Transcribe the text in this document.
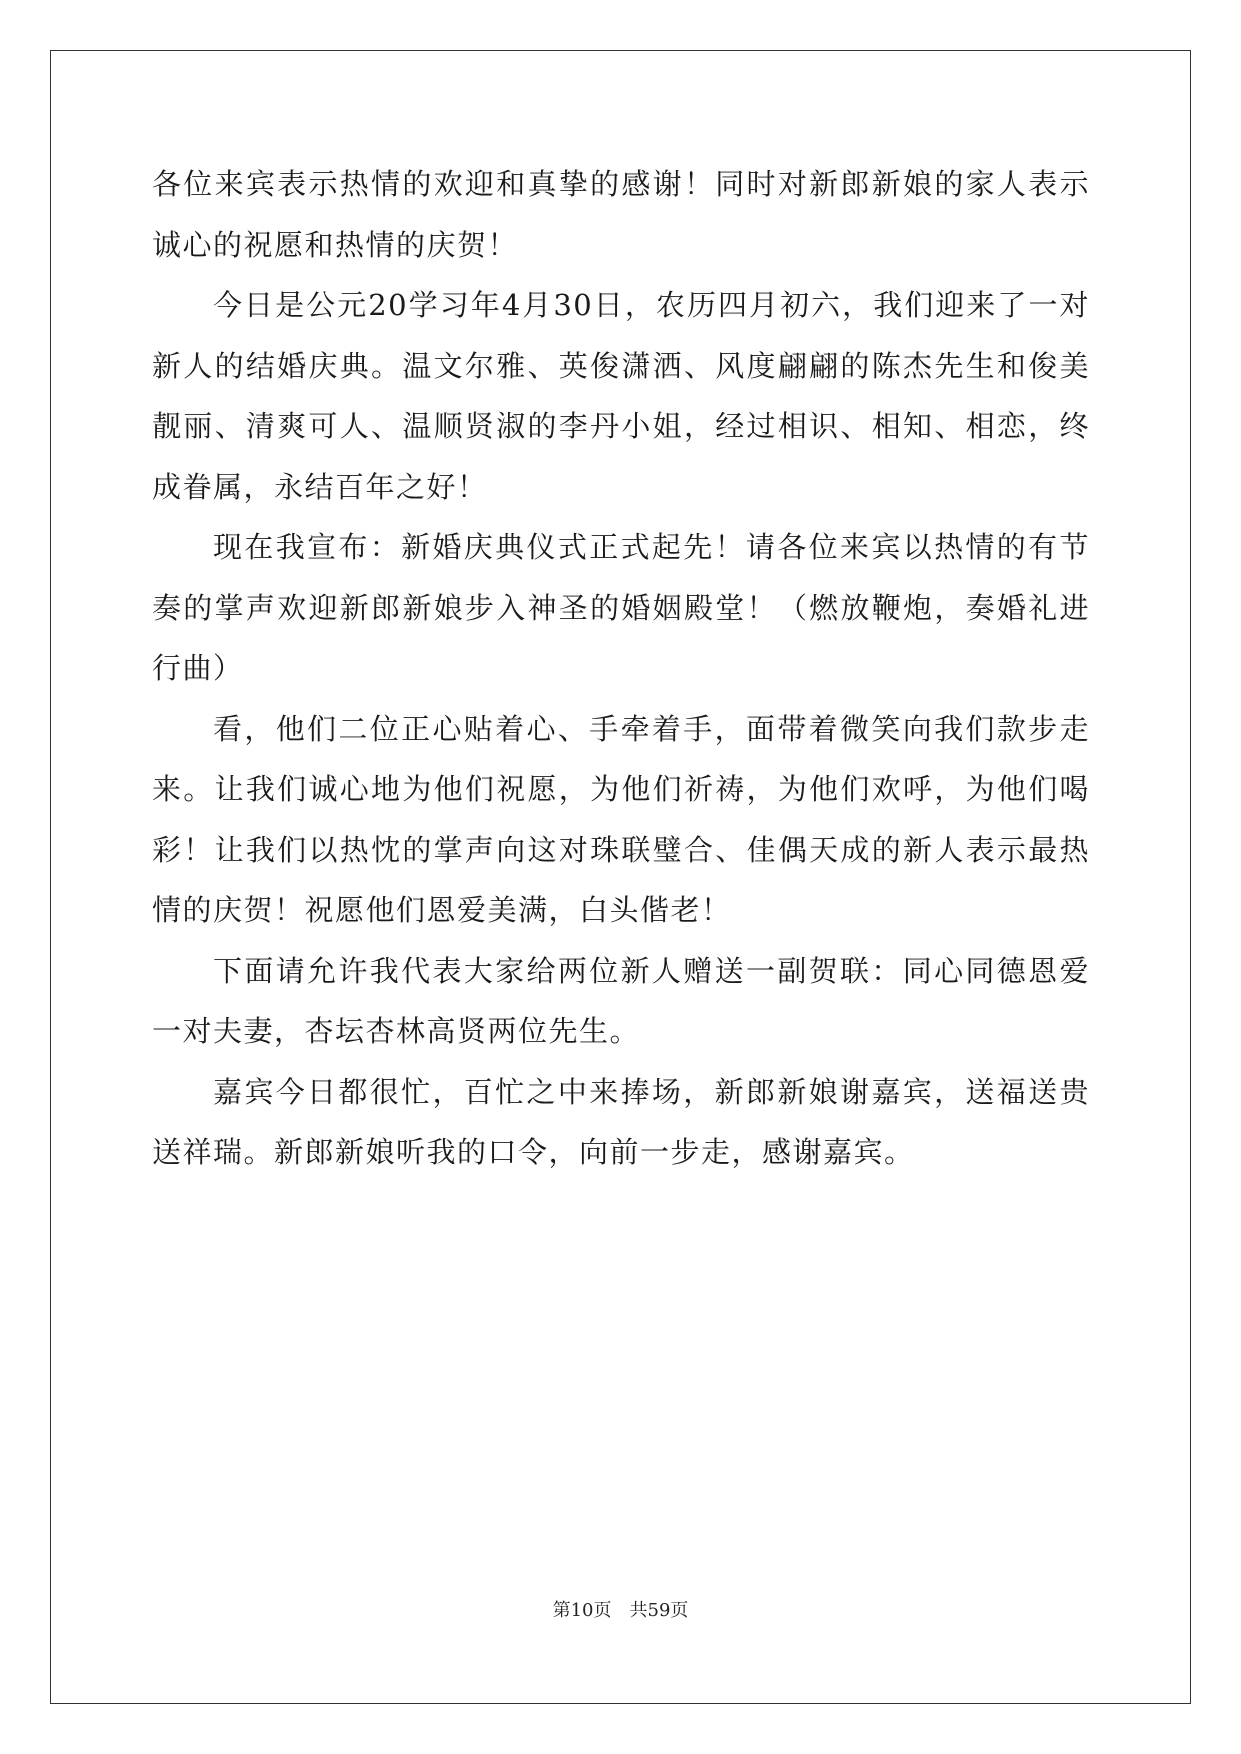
各位来宾表示热情的欢迎和真挚的感谢！同时对新郎新娘的家人表示诚心的祝愿和热情的庆贺！

今日是公元20学习年4月30日，农历四月初六，我们迎来了一对新人的结婚庆典。温文尔雅、英俊潇洒、风度翩翩的陈杰先生和俊美靓丽、清爽可人、温顺贤淑的李丹小姐，经过相识、相知、相恋，终成眷属，永结百年之好！

现在我宣布：新婚庆典仪式正式起先！请各位来宾以热情的有节奏的掌声欢迎新郎新娘步入神圣的婚姻殿堂！（燃放鞭炮，奏婚礼进行曲）

看，他们二位正心贴着心、手牵着手，面带着微笑向我们款步走来。让我们诚心地为他们祝愿，为他们祈祷，为他们欢呼，为他们喝彩！让我们以热忱的掌声向这对珠联璧合、佳偶天成的新人表示最热情的庆贺！祝愿他们恩爱美满，白头偕老！

下面请允许我代表大家给两位新人赠送一副贺联：同心同德恩爱一对夫妻，杏坛杏林高贤两位先生。

嘉宾今日都很忙，百忙之中来捧场，新郎新娘谢嘉宾，送福送贵送祥瑞。新郎新娘听我的口令，向前一步走，感谢嘉宾。

第10页 共59页
